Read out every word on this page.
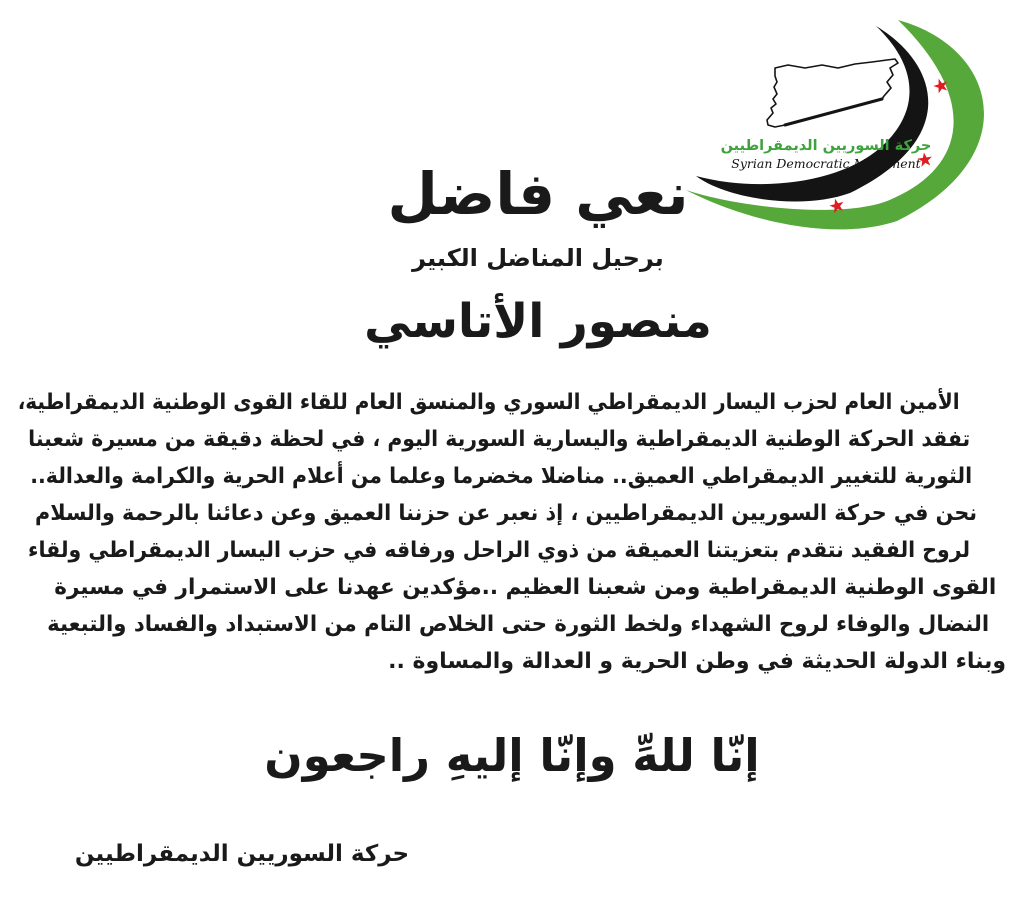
حركة السوريين الديمقراطيين
Syrian Democratic Movement
نعي فاضل
برحيل المناضل الكبير
منصور الأتاسي
الأمين العام لحزب اليسار الديمقراطي السوري والمنسق العام للقاء القوى الوطنية الديمقراطية،
تفقد الحركة الوطنية الديمقراطية واليسارية السورية اليوم ، في لحظة دقيقة من مسيرة شعبنا
الثورية للتغيير الديمقراطي العميق.. مناضلا مخضرما وعلما من أعلام الحرية والكرامة والعدالة..
نحن في حركة السوريين الديمقراطيين ، إذ نعبر عن حزننا العميق وعن دعائنا بالرحمة والسلام
لروح الفقيد نتقدم بتعزيتنا العميقة من ذوي الراحل ورفاقه في حزب اليسار الديمقراطي ولقاء
القوى الوطنية الديمقراطية ومن شعبنا العظيم ..مؤكدين عهدنا على الاستمرار في مسيرة
النضال والوفاء لروح الشهداء ولخط الثورة حتى الخلاص التام من الاستبداد والفساد والتبعية
وبناء الدولة الحديثة في وطن الحرية و العدالة والمساوة ..
إنّا للهِّ وإنّا إليهِ راجعون
حركة السوريين الديمقراطيين
